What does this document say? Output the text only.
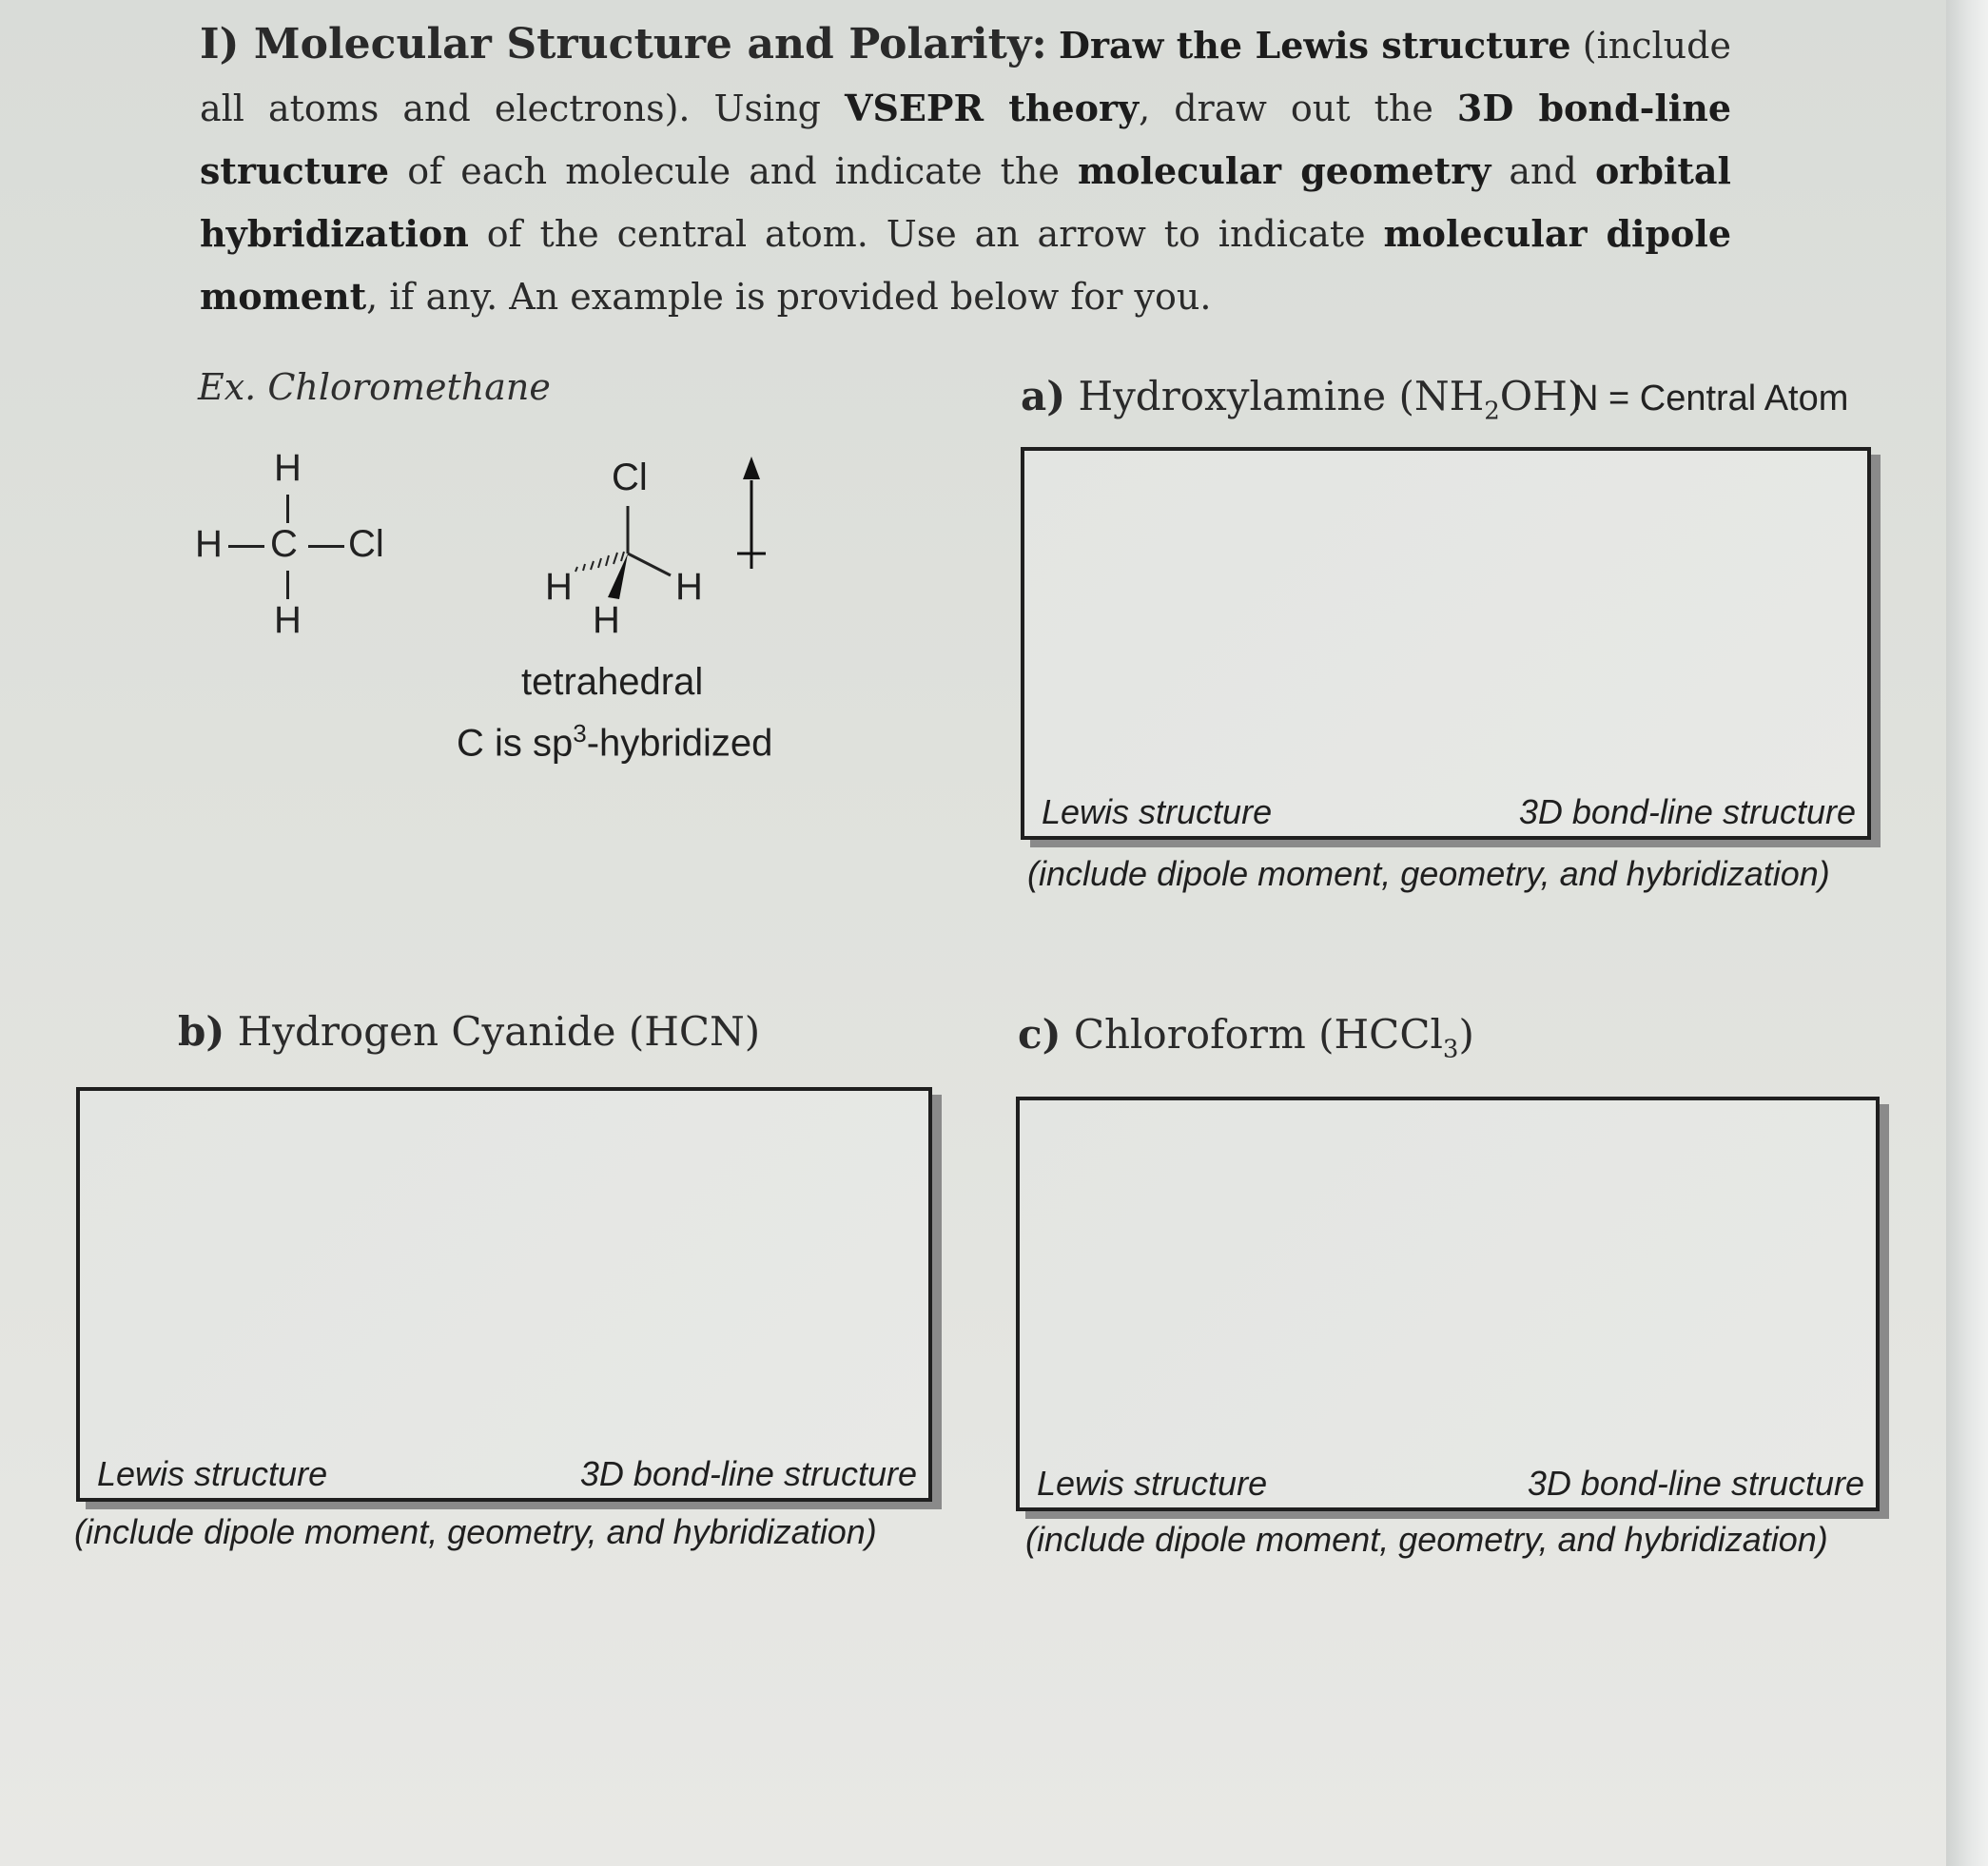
I) Molecular Structure and Polarity: Draw the Lewis structure (include all atoms and electrons). Using VSEPR theory, draw out the 3D bond-line structure of each molecule and indicate the molecular geometry and orbital hybridization of the central atom. Use an arrow to indicate molecular dipole moment, if any. An example is provided below for you.
Ex. Chloromethane
H
H C Cl
H
Cl
H	H
H
tetrahedral
C is $sp^3$-hybridized
a) Hydroxylamine $(NH_2OH)$
N = Central Atom
Lewis structure	3D bond-line structure
(include dipole moment, geometry, and hybridization)
b) Hydrogen Cyanide (HCN)
Lewis structure	3D bond-line structure
(include dipole moment, geometry, and hybridization)
c) Chloroform (HCCl$_3$)
Lewis structure	3D bond-line structure
(include dipole moment, geometry, and hybridization)
